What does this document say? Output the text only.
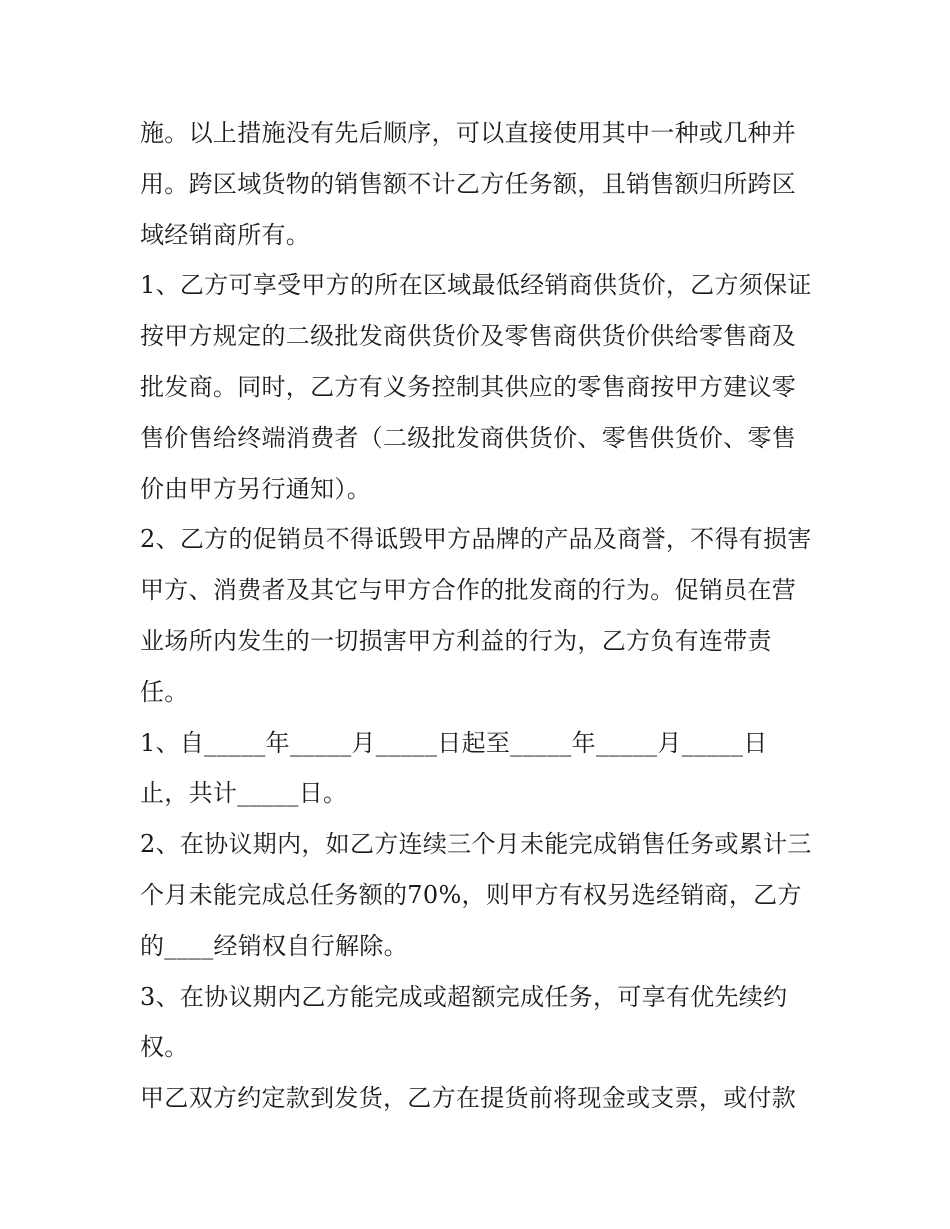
施。以上措施没有先后顺序，可以直接使用其中一种或几种并用。跨区域货物的销售额不计乙方任务额，且销售额归所跨区域经销商所有。

1、乙方可享受甲方的所在区域最低经销商供货价，乙方须保证按甲方规定的二级批发商供货价及零售商供货价供给零售商及批发商。同时，乙方有义务控制其供应的零售商按甲方建议零售价售给终端消费者（二级批发商供货价、零售供货价、零售价由甲方另行通知）。

2、乙方的促销员不得诋毁甲方品牌的产品及商誉，不得有损害甲方、消费者及其它与甲方合作的批发商的行为。促销员在营业场所内发生的一切损害甲方利益的行为，乙方负有连带责任。

1、自_____年_____月_____日起至_____年_____月_____日止，共计_____日。

2、在协议期内，如乙方连续三个月未能完成销售任务或累计三个月未能完成总任务额的70%，则甲方有权另选经销商，乙方的____经销权自行解除。

3、在协议期内乙方能完成或超额完成任务，可享有优先续约权。

甲乙双方约定款到发货，乙方在提货前将现金或支票，或付款
